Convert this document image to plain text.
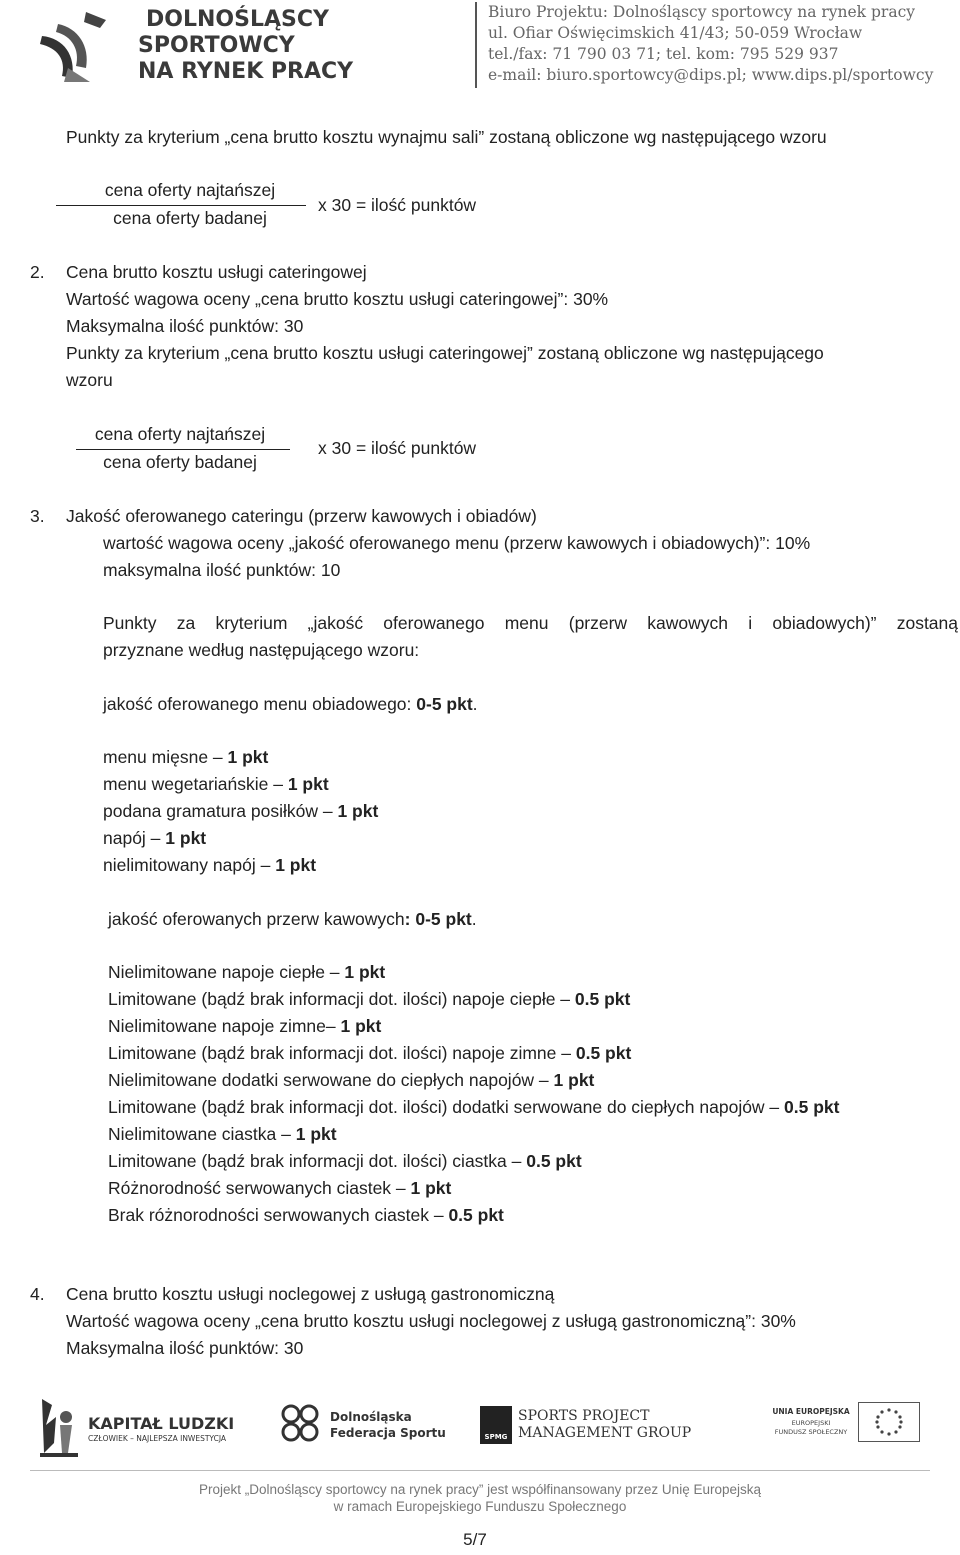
DOLNOŚLĄSCY
SPORTOWCY
NA RYNEK PRACY
Biuro Projektu: Dolnośląscy sportowcy na rynek pracy
ul. Ofiar Oświęcimskich 41/43; 50-059 Wrocław
tel./fax: 71 790 03 71; tel. kom: 795 529 937
e-mail: biuro.sportowcy@dips.pl; www.dips.pl/sportowcy
Punkty za kryterium „cena brutto kosztu wynajmu sali” zostaną obliczone wg następującego wzoru
cena oferty najtańszej
cena oferty badanej
x 30 = ilość punktów
2. Cena brutto kosztu usługi cateringowej
Wartość wagowa oceny „cena brutto kosztu usługi cateringowej”: 30%
Maksymalna ilość punktów: 30
Punkty za kryterium „cena brutto kosztu usługi cateringowej” zostaną obliczone wg następującego
wzoru
cena oferty najtańszej
cena oferty badanej
x 30 = ilość punktów
3. Jakość oferowanego cateringu (przerw kawowych i obiadów)
wartość wagowa oceny „jakość oferowanego menu (przerw kawowych i obiadowych)”: 10%
maksymalna ilość punktów: 10
Punkty za kryterium „jakość oferowanego menu (przerw kawowych i obiadowych)” zostaną
przyznane według następującego wzoru:
jakość oferowanego menu obiadowego: 0-5 pkt.
menu mięsne – 1 pkt
menu wegetariańskie – 1 pkt
podana gramatura posiłków – 1 pkt
napój – 1 pkt
nielimitowany napój – 1 pkt
jakość oferowanych przerw kawowych: 0-5 pkt.
Nielimitowane napoje ciepłe – 1 pkt
Limitowane (bądź brak informacji dot. ilości) napoje ciepłe – 0.5 pkt
Nielimitowane napoje zimne– 1 pkt
Limitowane (bądź brak informacji dot. ilości) napoje zimne – 0.5 pkt
Nielimitowane dodatki serwowane do ciepłych napojów – 1 pkt
Limitowane (bądź brak informacji dot. ilości) dodatki serwowane do ciepłych napojów – 0.5 pkt
Nielimitowane ciastka – 1 pkt
Limitowane (bądź brak informacji dot. ilości) ciastka – 0.5 pkt
Różnorodność serwowanych ciastek – 1 pkt
Brak różnorodności serwowanych ciastek – 0.5 pkt
4. Cena brutto kosztu usługi noclegowej z usługą gastronomiczną
Wartość wagowa oceny „cena brutto kosztu usługi noclegowej z usługą gastronomiczną”: 30%
Maksymalna ilość punktów: 30
KAPITAŁ LUDZKI
CZŁOWIEK – NAJLEPSZA INWESTYCJA
Dolnośląska
Federacja Sportu	SPMG
SPORTS PROJECT
MANAGEMENT GROUP
UNIA EUROPEJSKA
EUROPEJSKI
FUNDUSZ SPOŁECZNY
Projekt „Dolnośląscy sportowcy na rynek pracy” jest współfinansowany przez Unię Europejską
w ramach Europejskiego Funduszu Społecznego
5/7
